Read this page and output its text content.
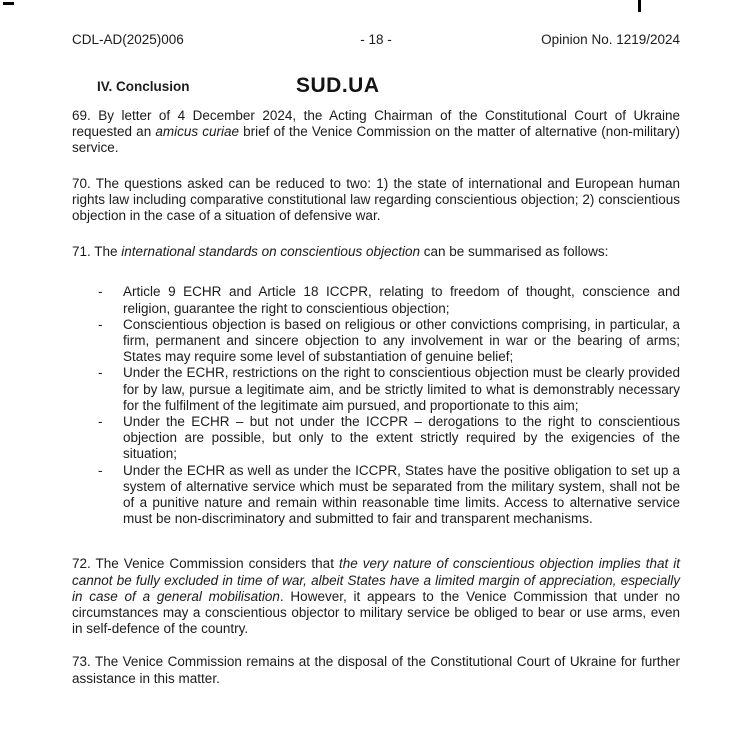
CDL-AD(2025)006	- 18 -	Opinion No. 1219/2024
IV. Conclusion	SUD.UA

69. By letter of 4 December 2024, the Acting Chairman of the Constitutional Court of Ukraine requested an amicus curiae brief of the Venice Commission on the matter of alternative (non-military) service.

70. The questions asked can be reduced to two: 1) the state of international and European human rights law including comparative constitutional law regarding conscientious objection; 2) conscientious objection in the case of a situation of defensive war.

71. The international standards on conscientious objection can be summarised as follows:

-	Article 9 ECHR and Article 18 ICCPR, relating to freedom of thought, conscience and religion, guarantee the right to conscientious objection;
-	Conscientious objection is based on religious or other convictions comprising, in particular, a firm, permanent and sincere objection to any involvement in war or the bearing of arms; States may require some level of substantiation of genuine belief;
-	Under the ECHR, restrictions on the right to conscientious objection must be clearly provided for by law, pursue a legitimate aim, and be strictly limited to what is demonstrably necessary for the fulfilment of the legitimate aim pursued, and proportionate to this aim;
-	Under the ECHR – but not under the ICCPR – derogations to the right to conscientious objection are possible, but only to the extent strictly required by the exigencies of the situation;
-	Under the ECHR as well as under the ICCPR, States have the positive obligation to set up a system of alternative service which must be separated from the military system, shall not be of a punitive nature and remain within reasonable time limits. Access to alternative service must be non-discriminatory and submitted to fair and transparent mechanisms.

72. The Venice Commission considers that the very nature of conscientious objection implies that it cannot be fully excluded in time of war, albeit States have a limited margin of appreciation, especially in case of a general mobilisation. However, it appears to the Venice Commission that under no circumstances may a conscientious objector to military service be obliged to bear or use arms, even in self-defence of the country.

73. The Venice Commission remains at the disposal of the Constitutional Court of Ukraine for further assistance in this matter.
